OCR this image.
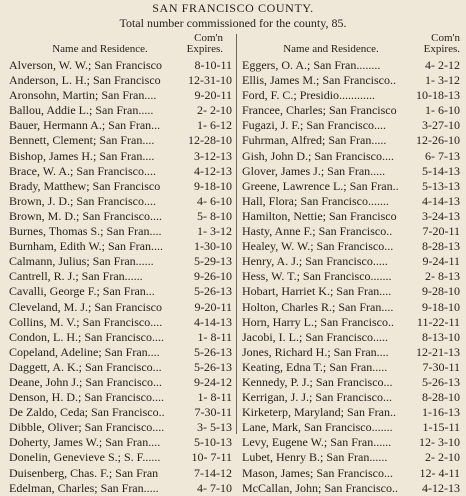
SAN FRANCISCO COUNTY.
Total number commissioned for the county, 85.
Name and Residence.
Com'n
Expires.	Name and Residence.
Com'n
Expires.
Alverson, W. W.; San Francisco	8-10-11
Anderson, L. H.; San Francisco	12-31-10
Aronsohn, Martin; San Fran....	9-20-11
Ballou, Addie L.; San Fran.....	2- 2-10
Bauer, Hermann A.; San Fran...	1- 6-12
Bennett, Clement; San Fran....	12-28-10
Bishop, James H.; San Fran....	3-12-13
Brace, W. A.; San Francisco....	4-12-13
Brady, Matthew; San Francisco	9-18-10
Brown, J. D.; San Francisco....	4- 6-10
Brown, M. D.; San Francisco....	5- 8-10
Burnes, Thomas S.; San Fran....	1- 3-12
Burnham, Edith W.; San Fran....	1-30-10
Calmann, Julius; San Fran......	5-29-13
Cantrell, R. J.; San Fran......	9-26-10
Cavalli, George F.; San Fran...	5-26-13
Cleveland, M. J.; San Francisco	9-20-11
Collins, M. V.; San Francisco....	4-14-13
Condon, L. H.; San Francisco....	1- 8-11
Copeland, Adeline; San Fran....	5-26-13
Daggett, A. K.; San Francisco...	5-26-13
Deane, John J.; San Francisco...	9-24-12
Denson, H. D.; San Francisco....	1- 8-11
De Zaldo, Ceda; San Francisco..	7-30-11
Dibble, Oliver; San Francisco....	3- 5-13
Doherty, James W.; San Fran....	5-10-13
Donelin, Genevieve S.; S. F......	10- 7-11
Duisenberg, Chas. F.; San Fran	7-14-12
Edelman, Charles; San Fran.....	4- 7-10
Eggers, O. A.; San Fran........	4- 2-12
Ellis, James M.; San Francisco..	1- 3-12
Ford, F. C.; Presidio............	10-18-13
Francee, Charles; San Francisco	1- 6-10
Fugazi, J. F.; San Francisco....	3-27-10
Fuhrman, Alfred; San Fran.....	12-26-10
Gish, John D.; San Francisco....	6- 7-13
Glover, James J.; San Fran.....	5-14-13
Greene, Lawrence L.; San Fran..	5-13-13
Hall, Flora; San Francisco.......	4-14-13
Hamilton, Nettie; San Francisco	3-24-13
Hasty, Anne F.; San Francisco..	7-20-11
Healey, W. W.; San Francisco...	8-28-13
Henry, A. J.; San Francisco.....	9-24-11
Hess, W. T.; San Francisco.......	2- 8-13
Hobart, Harriet K.; San Fran....	9-28-10
Holton, Charles R.; San Fran....	9-18-10
Horn, Harry L.; San Francisco..	11-22-11
Jacobi, I. L.; San Francisco.....	8-13-10
Jones, Richard H.; San Fran....	12-21-13
Keating, Edna T.; San Fran.....	7-30-11
Kennedy, P. J.; San Francisco...	5-26-13
Kerrigan, J. J.; San Francisco...	8-28-10
Kirketerp, Maryland; San Fran..	1-16-13
Lane, Mark, San Francisco.......	1-15-11
Levy, Eugene W.; San Fran......	12- 3-10
Lubet, Henry B.; San Fran......	2- 2-10
Mason, James; San Francisco...	12- 4-11
McCallan, John; San Francisco..	4-12-13
